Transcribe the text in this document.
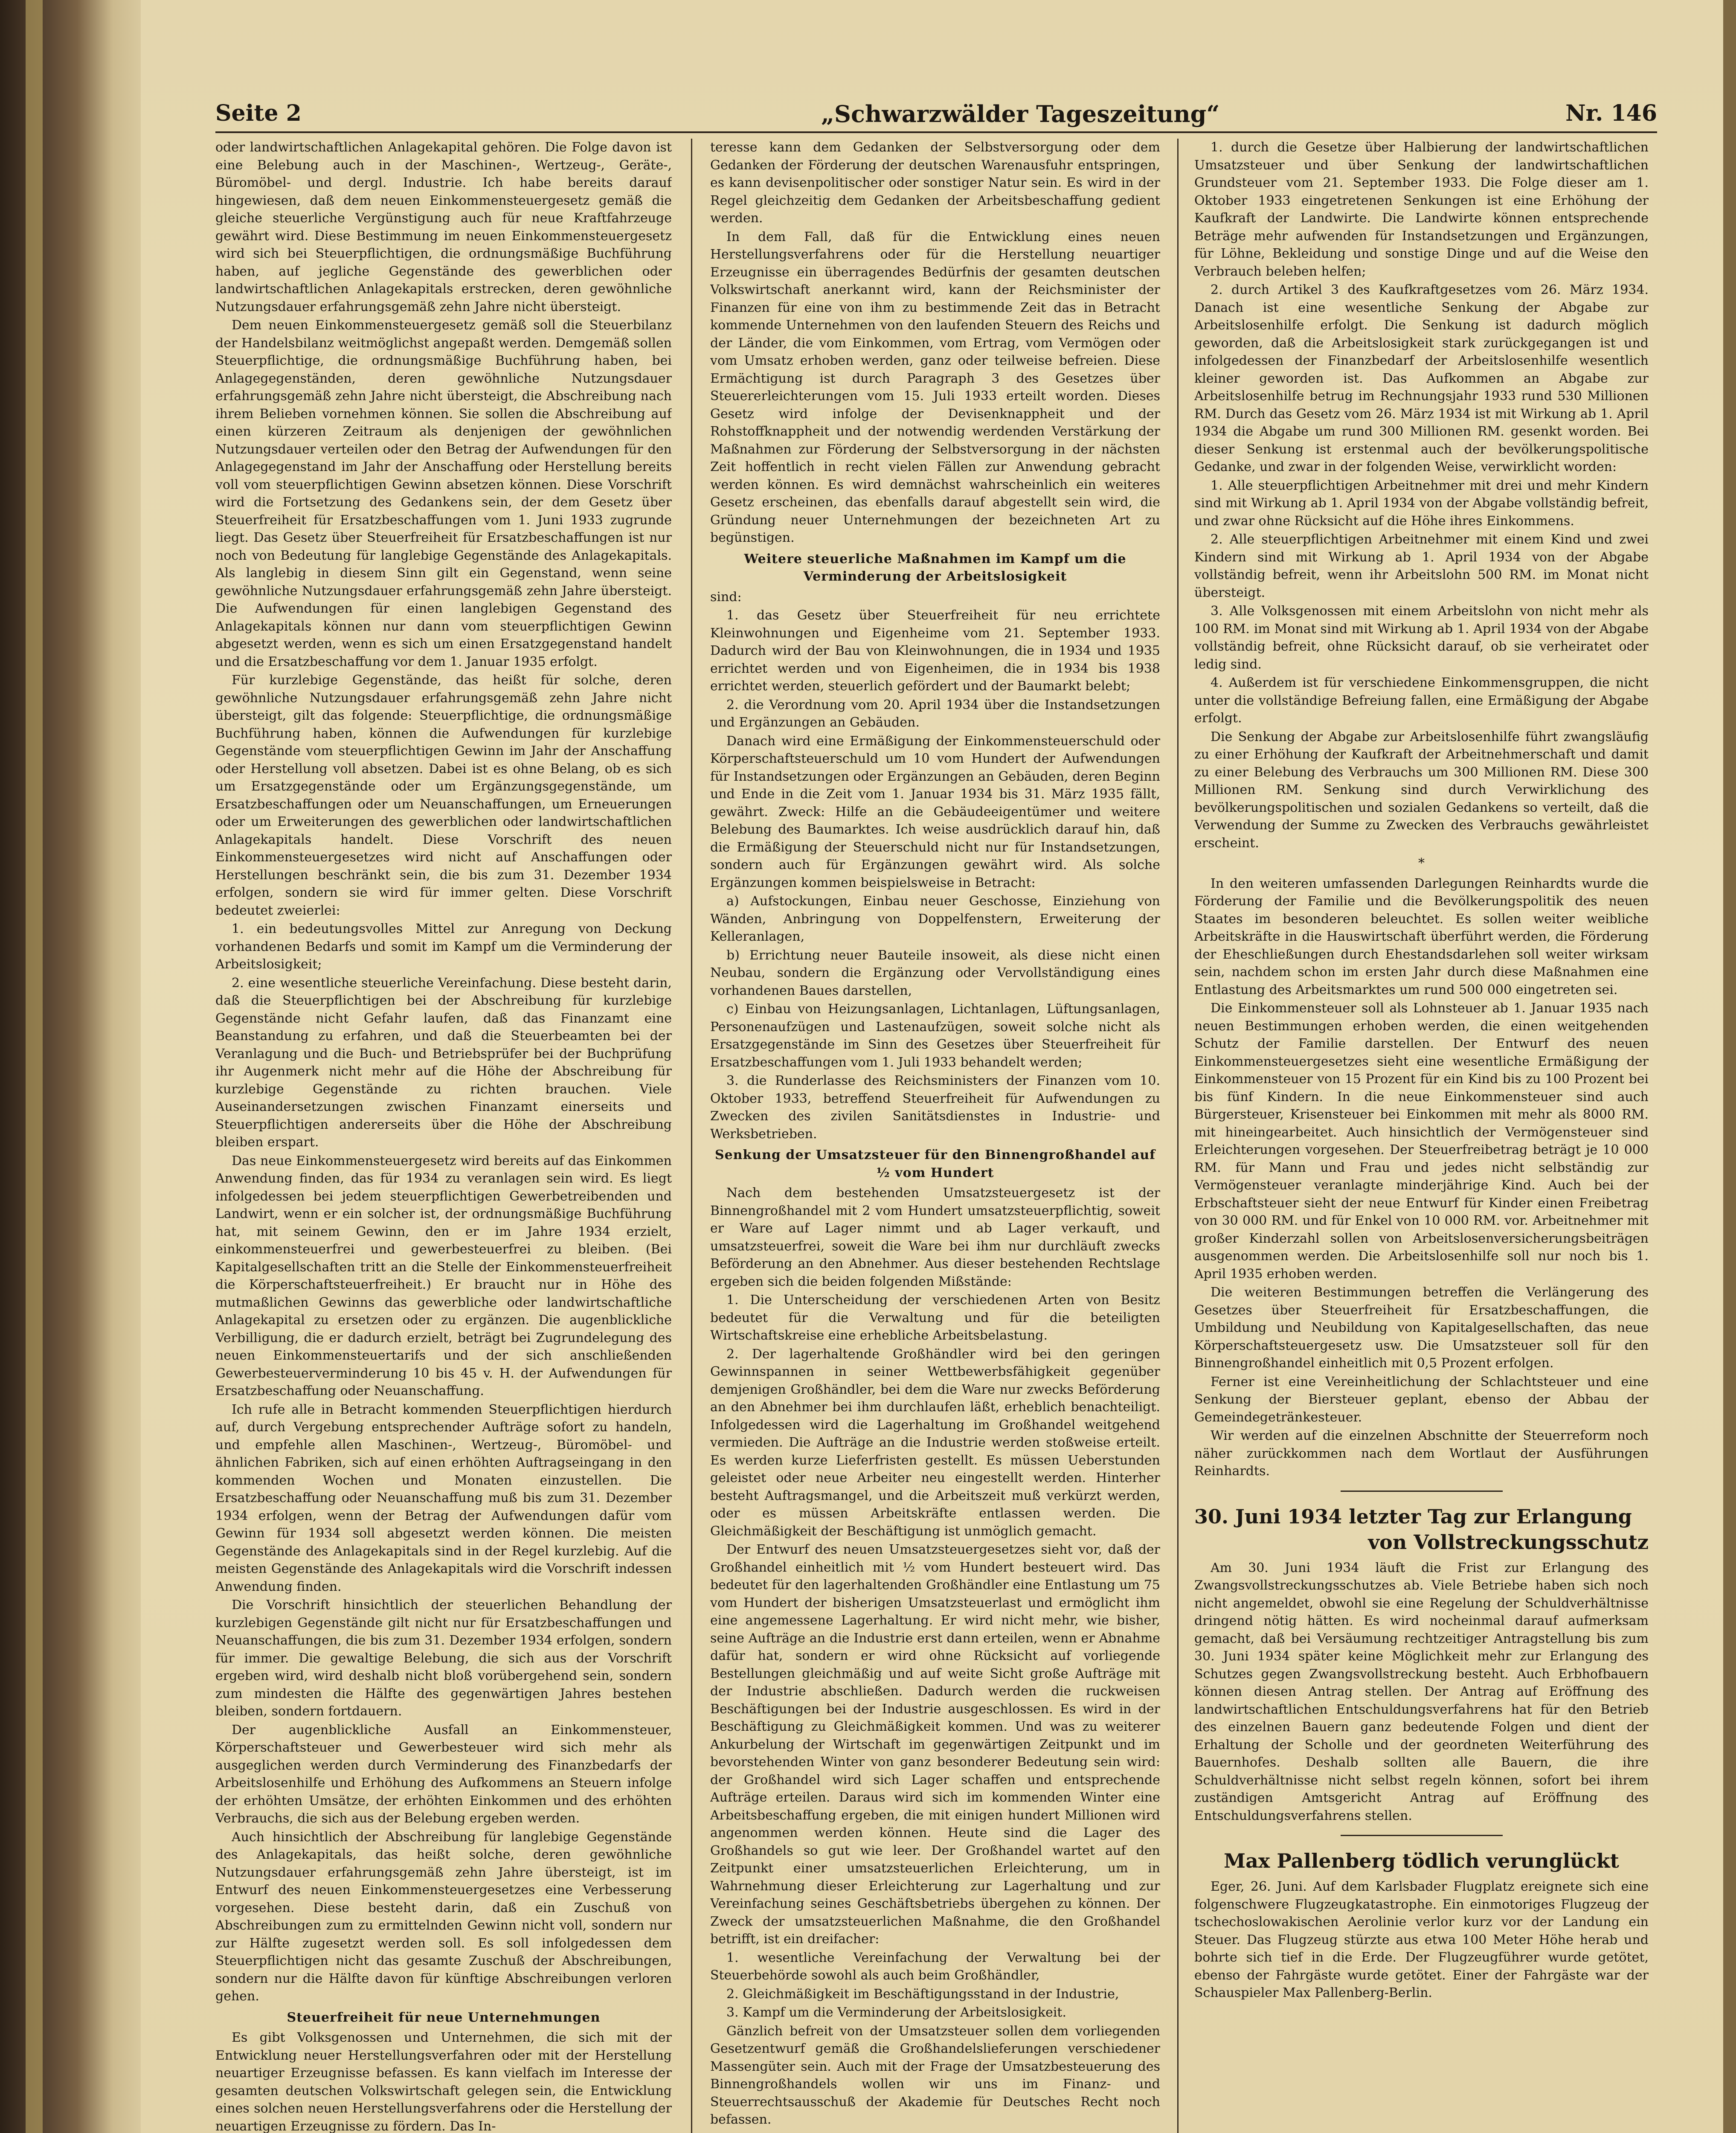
Seite 2	„Schwarzwälder Tageszeitung“	Nr. 146

oder landwirtschaftlichen Anlagekapital gehören. Die Folge davon ist eine Belebung auch in der Maschinen-, Wertzeug-, Geräte-, Büromöbel- und dergl. Industrie. Ich habe bereits darauf hingewiesen, daß dem neuen Einkommensteuergesetz gemäß die gleiche steuerliche Vergünstigung auch für neue Kraftfahrzeuge gewährt wird. Diese Bestimmung im neuen Einkommensteuergesetz wird sich bei Steuerpflichtigen, die ordnungsmäßige Buchführung haben, auf jegliche Gegenstände des gewerblichen oder landwirtschaftlichen Anlagekapitals erstrecken, deren gewöhnliche Nutzungsdauer erfahrungsgemäß zehn Jahre nicht übersteigt.

Dem neuen Einkommensteuergesetz gemäß soll die Steuerbilanz der Handelsbilanz weitmöglichst angepaßt werden. Demgemäß sollen Steuerpflichtige, die ordnungsmäßige Buchführung haben, bei Anlagegegenständen, deren gewöhnliche Nutzungsdauer erfahrungsgemäß zehn Jahre nicht übersteigt, die Abschreibung nach ihrem Belieben vornehmen können. Sie sollen die Abschreibung auf einen kürzeren Zeitraum als denjenigen der gewöhnlichen Nutzungsdauer verteilen oder den Betrag der Aufwendungen für den Anlagegegenstand im Jahr der Anschaffung oder Herstellung bereits voll vom steuerpflichtigen Gewinn absetzen können. Diese Vorschrift wird die Fortsetzung des Gedankens sein, der dem Gesetz über Steuerfreiheit für Ersatzbeschaffungen vom 1. Juni 1933 zugrunde liegt. Das Gesetz über Steuerfreiheit für Ersatzbeschaffungen ist nur noch von Bedeutung für langlebige Gegenstände des Anlagekapitals. Als langlebig in diesem Sinn gilt ein Gegenstand, wenn seine gewöhnliche Nutzungsdauer erfahrungsgemäß zehn Jahre übersteigt. Die Aufwendungen für einen langlebigen Gegenstand des Anlagekapitals können nur dann vom steuerpflichtigen Gewinn abgesetzt werden, wenn es sich um einen Ersatzgegenstand handelt und die Ersatzbeschaffung vor dem 1. Januar 1935 erfolgt.

Für kurzlebige Gegenstände, das heißt für solche, deren gewöhnliche Nutzungsdauer erfahrungsgemäß zehn Jahre nicht übersteigt, gilt das folgende: Steuerpflichtige, die ordnungsmäßige Buchführung haben, können die Aufwendungen für kurzlebige Gegenstände vom steuerpflichtigen Gewinn im Jahr der Anschaffung oder Herstellung voll absetzen. Dabei ist es ohne Belang, ob es sich um Ersatzgegenstände oder um Ergänzungsgegenstände, um Ersatzbeschaffungen oder um Neuanschaffungen, um Erneuerungen oder um Erweiterungen des gewerblichen oder landwirtschaftlichen Anlagekapitals handelt. Diese Vorschrift des neuen Einkommensteuergesetzes wird nicht auf Anschaffungen oder Herstellungen beschränkt sein, die bis zum 31. Dezember 1934 erfolgen, sondern sie wird für immer gelten. Diese Vorschrift bedeutet zweierlei:

1. ein bedeutungsvolles Mittel zur Anregung von Deckung vorhandenen Bedarfs und somit im Kampf um die Verminderung der Arbeitslosigkeit;

2. eine wesentliche steuerliche Vereinfachung. Diese besteht darin, daß die Steuerpflichtigen bei der Abschreibung für kurzlebige Gegenstände nicht Gefahr laufen, daß das Finanzamt eine Beanstandung zu erfahren, und daß die Steuerbeamten bei der Veranlagung und die Buch- und Betriebsprüfer bei der Buchprüfung ihr Augenmerk nicht mehr auf die Höhe der Abschreibung für kurzlebige Gegenstände zu richten brauchen. Viele Auseinandersetzungen zwischen Finanzamt einerseits und Steuerpflichtigen andererseits über die Höhe der Abschreibung bleiben erspart.

Das neue Einkommensteuergesetz wird bereits auf das Einkommen Anwendung finden, das für 1934 zu veranlagen sein wird. Es liegt infolgedessen bei jedem steuerpflichtigen Gewerbetreibenden und Landwirt, wenn er ein solcher ist, der ordnungsmäßige Buchführung hat, mit seinem Gewinn, den er im Jahre 1934 erzielt, einkommensteuerfrei und gewerbesteuerfrei zu bleiben. (Bei Kapitalgesellschaften tritt an die Stelle der Einkommensteuerfreiheit die Körperschaftsteuerfreiheit.) Er braucht nur in Höhe des mutmaßlichen Gewinns das gewerbliche oder landwirtschaftliche Anlagekapital zu ersetzen oder zu ergänzen. Die augenblickliche Verbilligung, die er dadurch erzielt, beträgt bei Zugrundelegung des neuen Einkommensteuertarifs und der sich anschließenden Gewerbesteuerverminderung 10 bis 45 v. H. der Aufwendungen für Ersatzbeschaffung oder Neuanschaffung.

Ich rufe alle in Betracht kommenden Steuerpflichtigen hierdurch auf, durch Vergebung entsprechender Aufträge sofort zu handeln, und empfehle allen Maschinen-, Wertzeug-, Büromöbel- und ähnlichen Fabriken, sich auf einen erhöhten Auftragseingang in den kommenden Wochen und Monaten einzustellen. Die Ersatzbeschaffung oder Neuanschaffung muß bis zum 31. Dezember 1934 erfolgen, wenn der Betrag der Aufwendungen dafür vom Gewinn für 1934 soll abgesetzt werden können. Die meisten Gegenstände des Anlagekapitals sind in der Regel kurzlebig. Auf die meisten Gegenstände des Anlagekapitals wird die Vorschrift indessen Anwendung finden.

Die Vorschrift hinsichtlich der steuerlichen Behandlung der kurzlebigen Gegenstände gilt nicht nur für Ersatzbeschaffungen und Neuanschaffungen, die bis zum 31. Dezember 1934 erfolgen, sondern für immer. Die gewaltige Belebung, die sich aus der Vorschrift ergeben wird, wird deshalb nicht bloß vorübergehend sein, sondern zum mindesten die Hälfte des gegenwärtigen Jahres bestehen bleiben, sondern fortdauern.

Der augenblickliche Ausfall an Einkommensteuer, Körperschaftsteuer und Gewerbesteuer wird sich mehr als ausgeglichen werden durch Verminderung des Finanzbedarfs der Arbeitslosenhilfe und Erhöhung des Aufkommens an Steuern infolge der erhöhten Umsätze, der erhöhten Einkommen und des erhöhten Verbrauchs, die sich aus der Belebung ergeben werden.

Auch hinsichtlich der Abschreibung für langlebige Gegenstände des Anlagekapitals, das heißt solche, deren gewöhnliche Nutzungsdauer erfahrungsgemäß zehn Jahre übersteigt, ist im Entwurf des neuen Einkommensteuergesetzes eine Verbesserung vorgesehen. Diese besteht darin, daß ein Zuschuß von Abschreibungen zum zu ermittelnden Gewinn nicht voll, sondern nur zur Hälfte zugesetzt werden soll. Es soll infolgedessen dem Steuerpflichtigen nicht das gesamte Zuschuß der Abschreibungen, sondern nur die Hälfte davon für künftige Abschreibungen verloren gehen.

Steuerfreiheit für neue Unternehmungen

Es gibt Volksgenossen und Unternehmen, die sich mit der Entwicklung neuer Herstellungsverfahren oder mit der Herstellung neuartiger Erzeugnisse befassen. Es kann vielfach im Interesse der gesamten deutschen Volkswirtschaft gelegen sein, die Entwicklung eines solchen neuen Herstellungsverfahrens oder die Herstellung der neuartigen Erzeugnisse zu fördern. Das In-

teresse kann dem Gedanken der Selbstversorgung oder dem Gedanken der Förderung der deutschen Warenausfuhr entspringen, es kann devisenpolitischer oder sonstiger Natur sein. Es wird in der Regel gleichzeitig dem Gedanken der Arbeitsbeschaffung gedient werden.

In dem Fall, daß für die Entwicklung eines neuen Herstellungsverfahrens oder für die Herstellung neuartiger Erzeugnisse ein überragendes Bedürfnis der gesamten deutschen Volkswirtschaft anerkannt wird, kann der Reichsminister der Finanzen für eine von ihm zu bestimmende Zeit das in Betracht kommende Unternehmen von den laufenden Steuern des Reichs und der Länder, die vom Einkommen, vom Ertrag, vom Vermögen oder vom Umsatz erhoben werden, ganz oder teilweise befreien. Diese Ermächtigung ist durch Paragraph 3 des Gesetzes über Steuererleichterungen vom 15. Juli 1933 erteilt worden. Dieses Gesetz wird infolge der Devisenknappheit und der Rohstoffknappheit und der notwendig werdenden Verstärkung der Maßnahmen zur Förderung der Selbstversorgung in der nächsten Zeit hoffentlich in recht vielen Fällen zur Anwendung gebracht werden können. Es wird demnächst wahrscheinlich ein weiteres Gesetz erscheinen, das ebenfalls darauf abgestellt sein wird, die Gründung neuer Unternehmungen der bezeichneten Art zu begünstigen.

Weitere steuerliche Maßnahmen im Kampf um die Verminderung der Arbeitslosigkeit

sind:

1. das Gesetz über Steuerfreiheit für neu errichtete Kleinwohnungen und Eigenheime vom 21. September 1933. Dadurch wird der Bau von Kleinwohnungen, die in 1934 und 1935 errichtet werden und von Eigenheimen, die in 1934 bis 1938 errichtet werden, steuerlich gefördert und der Baumarkt belebt;

2. die Verordnung vom 20. April 1934 über die Instandsetzungen und Ergänzungen an Gebäuden.

Danach wird eine Ermäßigung der Einkommensteuerschuld oder Körperschaftsteuerschuld um 10 vom Hundert der Aufwendungen für Instandsetzungen oder Ergänzungen an Gebäuden, deren Beginn und Ende in die Zeit vom 1. Januar 1934 bis 31. März 1935 fällt, gewährt. Zweck: Hilfe an die Gebäudeeigentümer und weitere Belebung des Baumarktes. Ich weise ausdrücklich darauf hin, daß die Ermäßigung der Steuerschuld nicht nur für Instandsetzungen, sondern auch für Ergänzungen gewährt wird. Als solche Ergänzungen kommen beispielsweise in Betracht:

a) Aufstockungen, Einbau neuer Geschosse, Einziehung von Wänden, Anbringung von Doppelfenstern, Erweiterung der Kelleranlagen,

b) Errichtung neuer Bauteile insoweit, als diese nicht einen Neubau, sondern die Ergänzung oder Vervollständigung eines vorhandenen Baues darstellen,

c) Einbau von Heizungsanlagen, Lichtanlagen, Lüftungsanlagen, Personenaufzügen und Lastenaufzügen, soweit solche nicht als Ersatzgegenstände im Sinn des Gesetzes über Steuerfreiheit für Ersatzbeschaffungen vom 1. Juli 1933 behandelt werden;

3. die Runderlasse des Reichsministers der Finanzen vom 10. Oktober 1933, betreffend Steuerfreiheit für Aufwendungen zu Zwecken des zivilen Sanitätsdienstes in Industrie- und Werksbetrieben.

Senkung der Umsatzsteuer für den Binnengroßhandel auf ½ vom Hundert

Nach dem bestehenden Umsatzsteuergesetz ist der Binnengroßhandel mit 2 vom Hundert umsatzsteuerpflichtig, soweit er Ware auf Lager nimmt und ab Lager verkauft, und umsatzsteuerfrei, soweit die Ware bei ihm nur durchläuft zwecks Beförderung an den Abnehmer. Aus dieser bestehenden Rechtslage ergeben sich die beiden folgenden Mißstände:

1. Die Unterscheidung der verschiedenen Arten von Besitz bedeutet für die Verwaltung und für die beteiligten Wirtschaftskreise eine erhebliche Arbeitsbelastung.

2. Der lagerhaltende Großhändler wird bei den geringen Gewinnspannen in seiner Wettbewerbsfähigkeit gegenüber demjenigen Großhändler, bei dem die Ware nur zwecks Beförderung an den Abnehmer bei ihm durchlaufen läßt, erheblich benachteiligt. Infolgedessen wird die Lagerhaltung im Großhandel weitgehend vermieden. Die Aufträge an die Industrie werden stoßweise erteilt. Es werden kurze Lieferfristen gestellt. Es müssen Ueberstunden geleistet oder neue Arbeiter neu eingestellt werden. Hinterher besteht Auftragsmangel, und die Arbeitszeit muß verkürzt werden, oder es müssen Arbeitskräfte entlassen werden. Die Gleichmäßigkeit der Beschäftigung ist unmöglich gemacht.

Der Entwurf des neuen Umsatzsteuergesetzes sieht vor, daß der Großhandel einheitlich mit ½ vom Hundert besteuert wird. Das bedeutet für den lagerhaltenden Großhändler eine Entlastung um 75 vom Hundert der bisherigen Umsatzsteuerlast und ermöglicht ihm eine angemessene Lagerhaltung. Er wird nicht mehr, wie bisher, seine Aufträge an die Industrie erst dann erteilen, wenn er Abnahme dafür hat, sondern er wird ohne Rücksicht auf vorliegende Bestellungen gleichmäßig und auf weite Sicht große Aufträge mit der Industrie abschließen. Dadurch werden die ruckweisen Beschäftigungen bei der Industrie ausgeschlossen. Es wird in der Beschäftigung zu Gleichmäßigkeit kommen. Und was zu weiterer Ankurbelung der Wirtschaft im gegenwärtigen Zeitpunkt und im bevorstehenden Winter von ganz besonderer Bedeutung sein wird: der Großhandel wird sich Lager schaffen und entsprechende Aufträge erteilen. Daraus wird sich im kommenden Winter eine Arbeitsbeschaffung ergeben, die mit einigen hundert Millionen wird angenommen werden können. Heute sind die Lager des Großhandels so gut wie leer. Der Großhandel wartet auf den Zeitpunkt einer umsatzsteuerlichen Erleichterung, um in Wahrnehmung dieser Erleichterung zur Lagerhaltung und zur Vereinfachung seines Geschäftsbetriebs übergehen zu können. Der Zweck der umsatzsteuerlichen Maßnahme, die den Großhandel betrifft, ist ein dreifacher:

1. wesentliche Vereinfachung der Verwaltung bei der Steuerbehörde sowohl als auch beim Großhändler,

2. Gleichmäßigkeit im Beschäftigungsstand in der Industrie,

3. Kampf um die Verminderung der Arbeitslosigkeit.

Gänzlich befreit von der Umsatzsteuer sollen dem vorliegenden Gesetzentwurf gemäß die Großhandelslieferungen verschiedener Massengüter sein. Auch mit der Frage der Umsatzbesteuerung des Binnengroßhandels wollen wir uns im Finanz- und Steuerrechtsausschuß der Akademie für Deutsches Recht noch befassen.

1. durch die Gesetze über Halbierung der landwirtschaftlichen Umsatzsteuer und über Senkung der landwirtschaftlichen Grundsteuer vom 21. September 1933. Die Folge dieser am 1. Oktober 1933 eingetretenen Senkungen ist eine Erhöhung der Kaufkraft der Landwirte. Die Landwirte können entsprechende Beträge mehr aufwenden für Instandsetzungen und Ergänzungen, für Löhne, Bekleidung und sonstige Dinge und auf die Weise den Verbrauch beleben helfen;

2. durch Artikel 3 des Kaufkraftgesetzes vom 26. März 1934. Danach ist eine wesentliche Senkung der Abgabe zur Arbeitslosenhilfe erfolgt. Die Senkung ist dadurch möglich geworden, daß die Arbeitslosigkeit stark zurückgegangen ist und infolgedessen der Finanzbedarf der Arbeitslosenhilfe wesentlich kleiner geworden ist. Das Aufkommen an Abgabe zur Arbeitslosenhilfe betrug im Rechnungsjahr 1933 rund 530 Millionen RM. Durch das Gesetz vom 26. März 1934 ist mit Wirkung ab 1. April 1934 die Abgabe um rund 300 Millionen RM. gesenkt worden. Bei dieser Senkung ist erstenmal auch der bevölkerungspolitische Gedanke, und zwar in der folgenden Weise, verwirklicht worden:

1. Alle steuerpflichtigen Arbeitnehmer mit drei und mehr Kindern sind mit Wirkung ab 1. April 1934 von der Abgabe vollständig befreit, und zwar ohne Rücksicht auf die Höhe ihres Einkommens.

2. Alle steuerpflichtigen Arbeitnehmer mit einem Kind und zwei Kindern sind mit Wirkung ab 1. April 1934 von der Abgabe vollständig befreit, wenn ihr Arbeitslohn 500 RM. im Monat nicht übersteigt.

3. Alle Volksgenossen mit einem Arbeitslohn von nicht mehr als 100 RM. im Monat sind mit Wirkung ab 1. April 1934 von der Abgabe vollständig befreit, ohne Rücksicht darauf, ob sie verheiratet oder ledig sind.

4. Außerdem ist für verschiedene Einkommensgruppen, die nicht unter die vollständige Befreiung fallen, eine Ermäßigung der Abgabe erfolgt.

Die Senkung der Abgabe zur Arbeitslosenhilfe führt zwangsläufig zu einer Erhöhung der Kaufkraft der Arbeitnehmerschaft und damit zu einer Belebung des Verbrauchs um 300 Millionen RM. Diese 300 Millionen RM. Senkung sind durch Verwirklichung des bevölkerungspolitischen und sozialen Gedankens so verteilt, daß die Verwendung der Summe zu Zwecken des Verbrauchs gewährleistet erscheint.

*

In den weiteren umfassenden Darlegungen Reinhardts wurde die Förderung der Familie und die Bevölkerungspolitik des neuen Staates im besonderen beleuchtet. Es sollen weiter weibliche Arbeitskräfte in die Hauswirtschaft überführt werden, die Förderung der Eheschließungen durch Ehestandsdarlehen soll weiter wirksam sein, nachdem schon im ersten Jahr durch diese Maßnahmen eine Entlastung des Arbeitsmarktes um rund 500 000 eingetreten sei.

Die Einkommensteuer soll als Lohnsteuer ab 1. Januar 1935 nach neuen Bestimmungen erhoben werden, die einen weitgehenden Schutz der Familie darstellen. Der Entwurf des neuen Einkommensteuergesetzes sieht eine wesentliche Ermäßigung der Einkommensteuer von 15 Prozent für ein Kind bis zu 100 Prozent bei bis fünf Kindern. In die neue Einkommensteuer sind auch Bürgersteuer, Krisensteuer bei Einkommen mit mehr als 8000 RM. mit hineingearbeitet. Auch hinsichtlich der Vermögensteuer sind Erleichterungen vorgesehen. Der Steuerfreibetrag beträgt je 10 000 RM. für Mann und Frau und jedes nicht selbständig zur Vermögensteuer veranlagte minderjährige Kind. Auch bei der Erbschaftsteuer sieht der neue Entwurf für Kinder einen Freibetrag von 30 000 RM. und für Enkel von 10 000 RM. vor. Arbeitnehmer mit großer Kinderzahl sollen von Arbeitslosenversicherungsbeiträgen ausgenommen werden. Die Arbeitslosenhilfe soll nur noch bis 1. April 1935 erhoben werden.

Die weiteren Bestimmungen betreffen die Verlängerung des Gesetzes über Steuerfreiheit für Ersatzbeschaffungen, die Umbildung und Neubildung von Kapitalgesellschaften, das neue Körperschaftsteuergesetz usw. Die Umsatzsteuer soll für den Binnengroßhandel einheitlich mit 0,5 Prozent erfolgen.

Ferner ist eine Vereinheitlichung der Schlachtsteuer und eine Senkung der Biersteuer geplant, ebenso der Abbau der Gemeindegetränkesteuer.

Wir werden auf die einzelnen Abschnitte der Steuerreform noch näher zurückkommen nach dem Wortlaut der Ausführungen Reinhardts.

30. Juni 1934 letzter Tag zur Erlangung
von Vollstreckungsschutz

Am 30. Juni 1934 läuft die Frist zur Erlangung des Zwangsvollstreckungsschutzes ab. Viele Betriebe haben sich noch nicht angemeldet, obwohl sie eine Regelung der Schuldverhältnisse dringend nötig hätten. Es wird nocheinmal darauf aufmerksam gemacht, daß bei Versäumung rechtzeitiger Antragstellung bis zum 30. Juni 1934 später keine Möglichkeit mehr zur Erlangung des Schutzes gegen Zwangsvollstreckung besteht. Auch Erbhofbauern können diesen Antrag stellen. Der Antrag auf Eröffnung des landwirtschaftlichen Entschuldungsverfahrens hat für den Betrieb des einzelnen Bauern ganz bedeutende Folgen und dient der Erhaltung der Scholle und der geordneten Weiterführung des Bauernhofes. Deshalb sollten alle Bauern, die ihre Schuldverhältnisse nicht selbst regeln können, sofort bei ihrem zuständigen Amtsgericht Antrag auf Eröffnung des Entschuldungsverfahrens stellen.

Max Pallenberg tödlich verunglückt

Eger, 26. Juni. Auf dem Karlsbader Flugplatz ereignete sich eine folgenschwere Flugzeugkatastrophe. Ein einmotoriges Flugzeug der tschechoslowakischen Aerolinie verlor kurz vor der Landung ein Steuer. Das Flugzeug stürzte aus etwa 100 Meter Höhe herab und bohrte sich tief in die Erde. Der Flugzeugführer wurde getötet, ebenso der Fahrgäste wurde getötet. Einer der Fahrgäste war der Schauspieler Max Pallenberg-Berlin.
